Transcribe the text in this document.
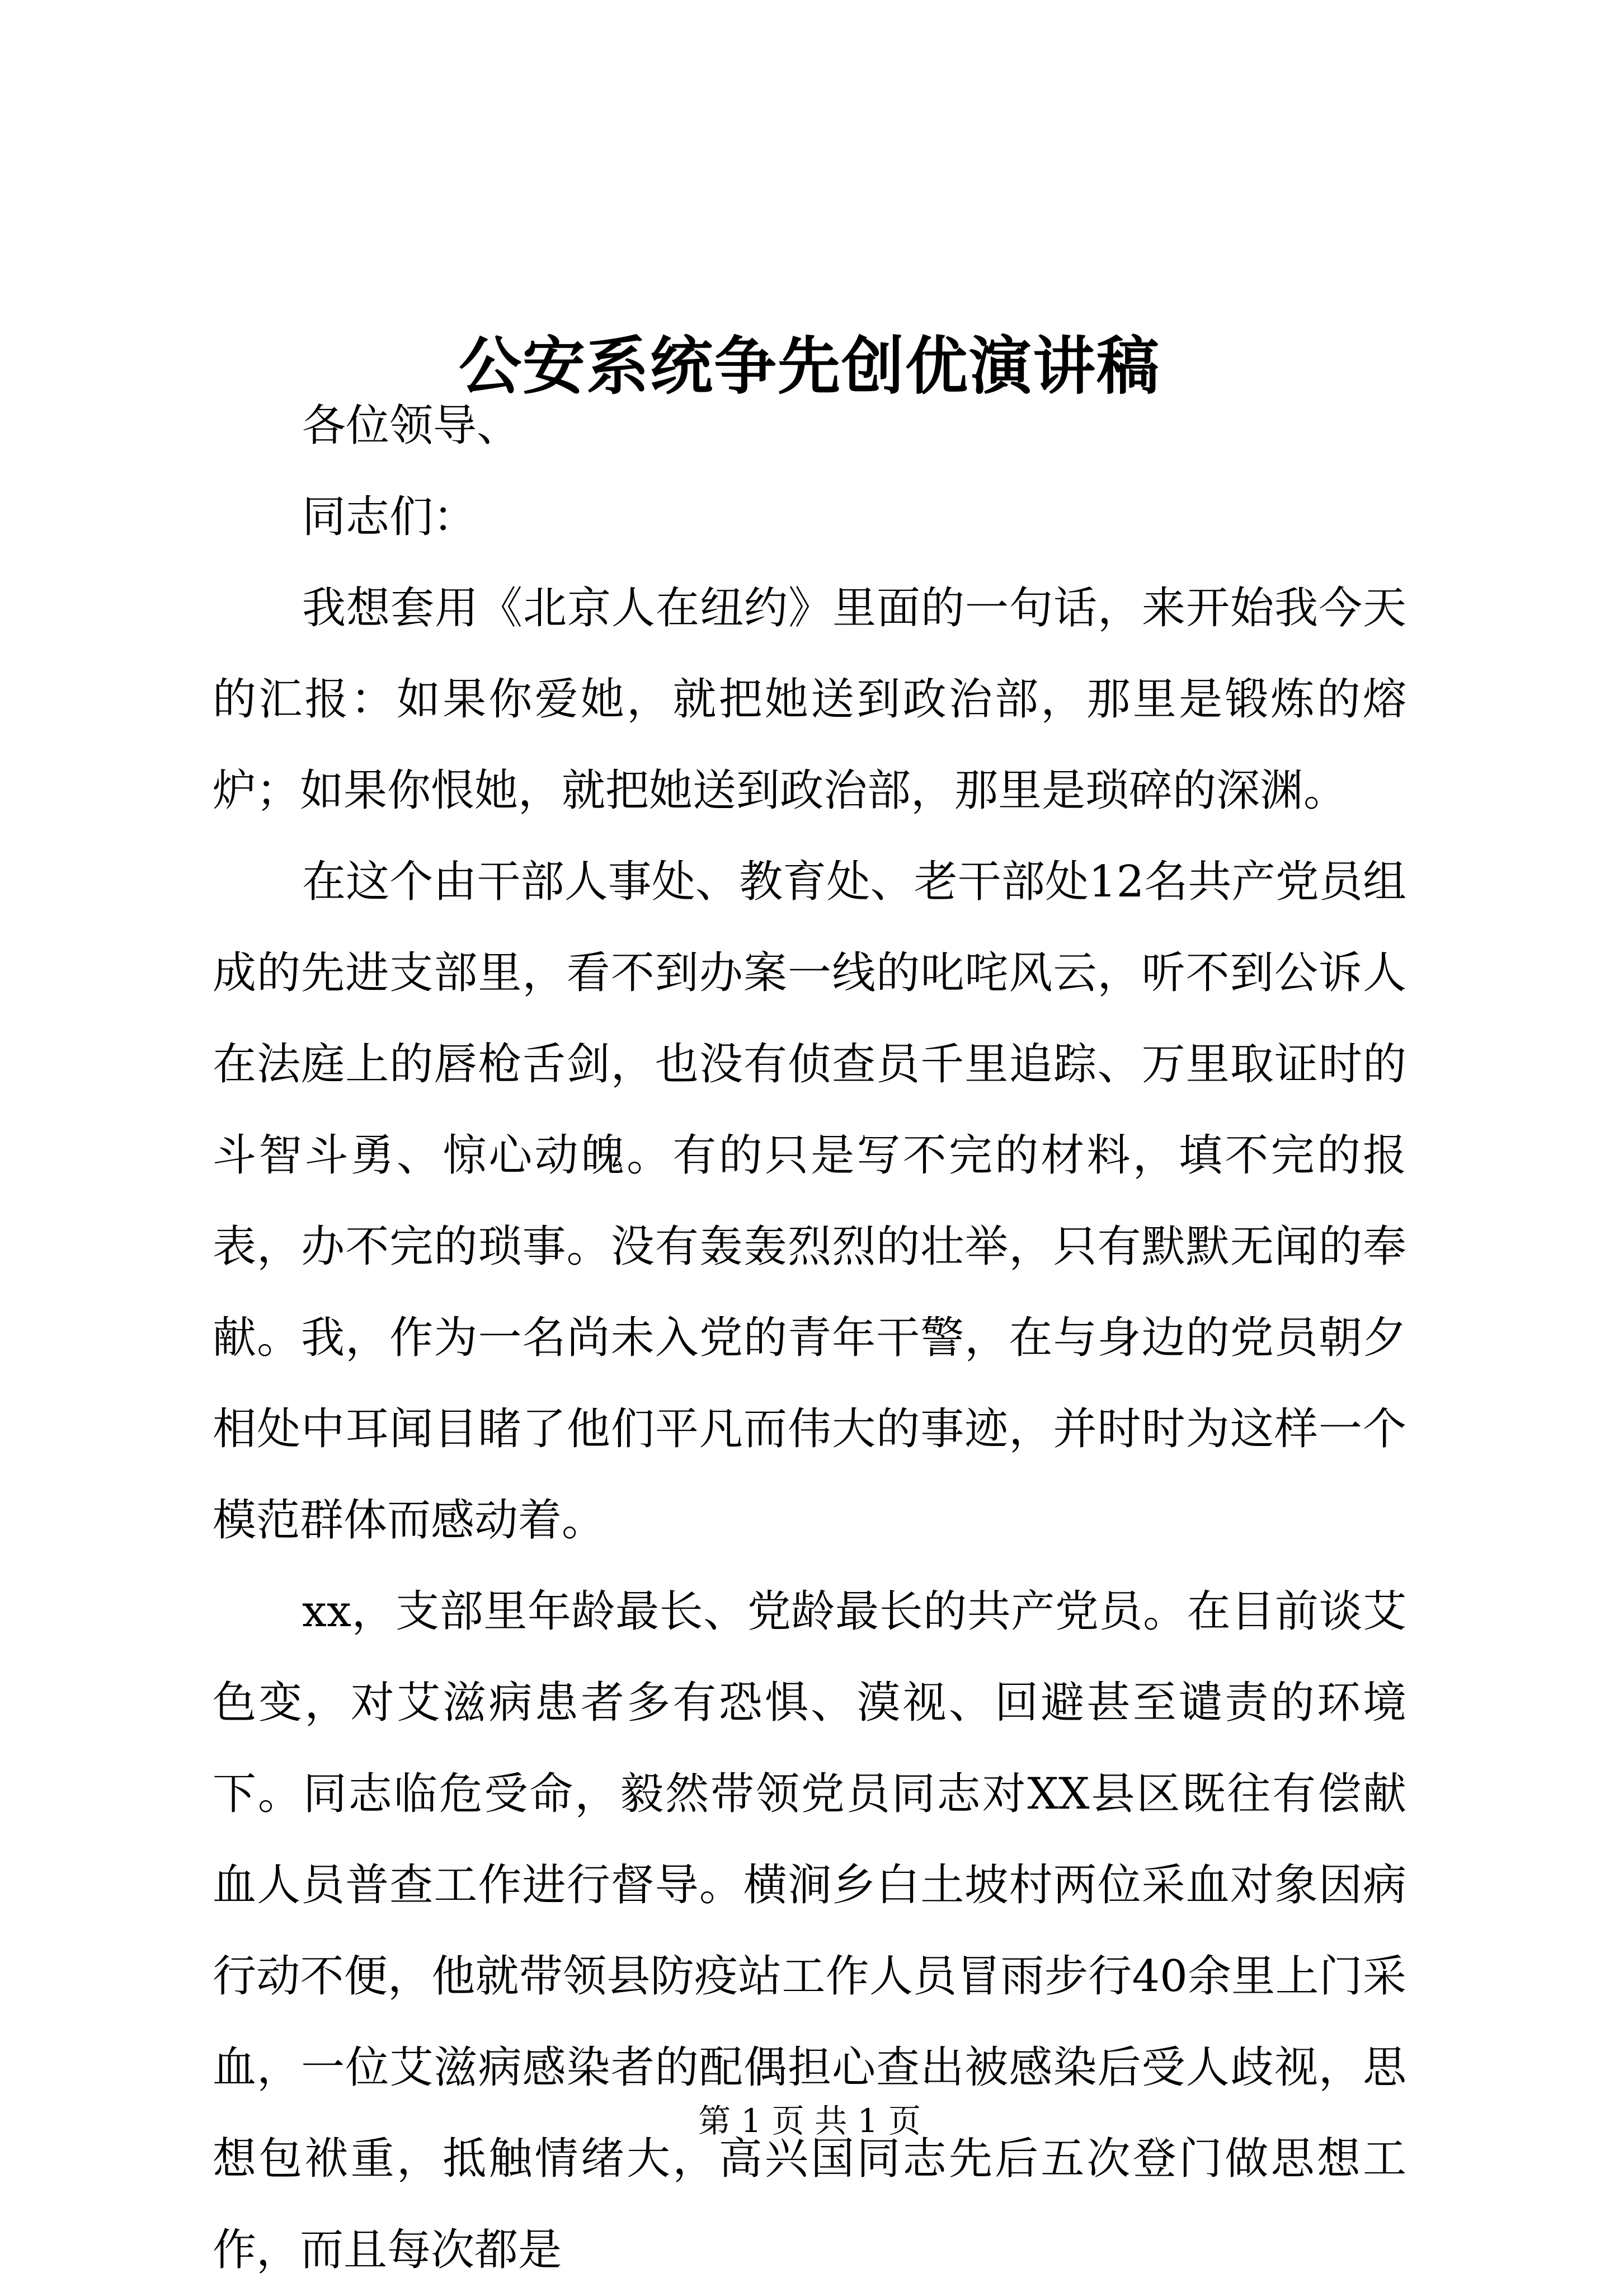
公安系统争先创优演讲稿

各位领导、

同志们：

我想套用《北京人在纽约》里面的一句话，来开始我今天的汇报：如果你爱她，就把她送到政治部，那里是锻炼的熔炉；如果你恨她，就把她送到政治部，那里是琐碎的深渊。

在这个由干部人事处、教育处、老干部处12名共产党员组成的先进支部里，看不到办案一线的叱咤风云，听不到公诉人在法庭上的唇枪舌剑，也没有侦查员千里追踪、万里取证时的斗智斗勇、惊心动魄。有的只是写不完的材料，填不完的报表，办不完的琐事。没有轰轰烈烈的壮举，只有默默无闻的奉献。我，作为一名尚未入党的青年干警，在与身边的党员朝夕相处中耳闻目睹了他们平凡而伟大的事迹，并时时为这样一个模范群体而感动着。

xx，支部里年龄最长、党龄最长的共产党员。在目前谈艾色变，对艾滋病患者多有恐惧、漠视、回避甚至谴责的环境下。同志临危受命，毅然带领党员同志对XX县区既往有偿献血人员普查工作进行督导。横涧乡白土坡村两位采血对象因病行动不便，他就带领县防疫站工作人员冒雨步行40余里上门采血，一位艾滋病感染者的配偶担心查出被感染后受人歧视，思想包袱重，抵触情绪大，高兴国同志先后五次登门做思想工作，而且每次都是

第 1 页 共 1 页
